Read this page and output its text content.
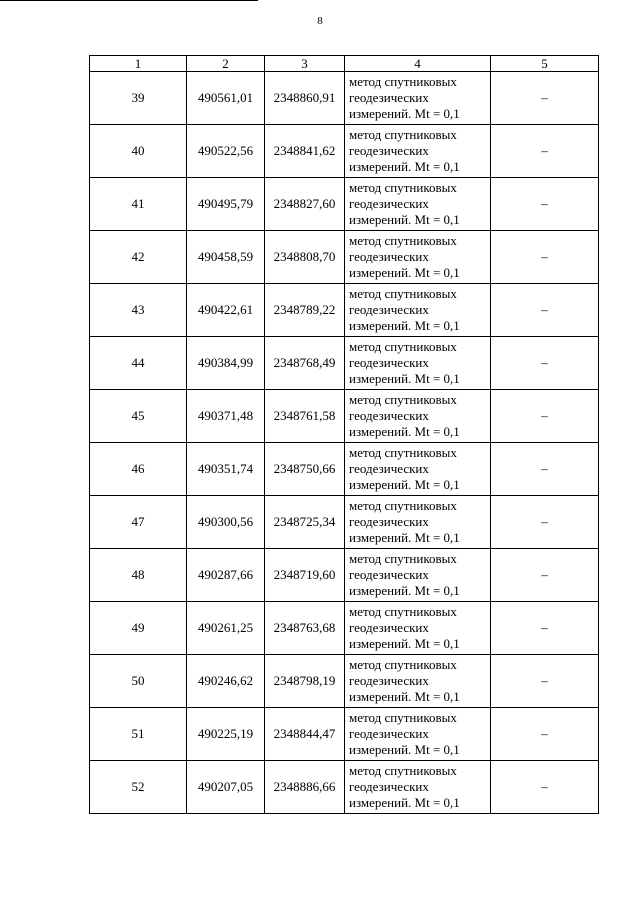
8
1	2	3	4	5
39	490561,01	2348860,91	метод спутниковых
геодезических
измерений. Mt = 0,1	–
40	490522,56	2348841,62	метод спутниковых
геодезических
измерений. Mt = 0,1	–
41	490495,79	2348827,60	метод спутниковых
геодезических
измерений. Mt = 0,1	–
42	490458,59	2348808,70	метод спутниковых
геодезических
измерений. Mt = 0,1	–
43	490422,61	2348789,22	метод спутниковых
геодезических
измерений. Mt = 0,1	–
44	490384,99	2348768,49	метод спутниковых
геодезических
измерений. Mt = 0,1	–
45	490371,48	2348761,58	метод спутниковых
геодезических
измерений. Mt = 0,1	–
46	490351,74	2348750,66	метод спутниковых
геодезических
измерений. Mt = 0,1	–
47	490300,56	2348725,34	метод спутниковых
геодезических
измерений. Mt = 0,1	–
48	490287,66	2348719,60	метод спутниковых
геодезических
измерений. Mt = 0,1	–
49	490261,25	2348763,68	метод спутниковых
геодезических
измерений. Mt = 0,1	–
50	490246,62	2348798,19	метод спутниковых
геодезических
измерений. Mt = 0,1	–
51	490225,19	2348844,47	метод спутниковых
геодезических
измерений. Mt = 0,1	–
52	490207,05	2348886,66	метод спутниковых
геодезических
измерений. Mt = 0,1	–
